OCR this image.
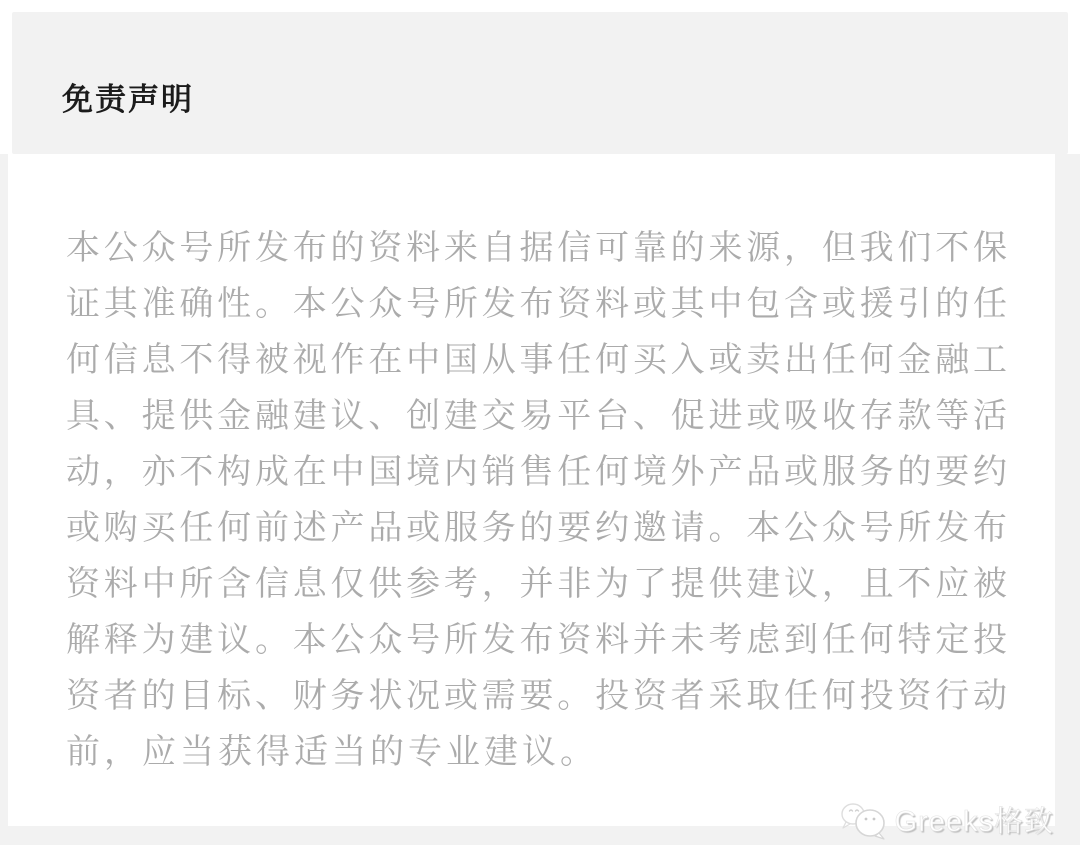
免责声明
本公众号所发布的资料来自据信可靠的来源，但我们不保
证其准确性。本公众号所发布资料或其中包含或援引的任
何信息不得被视作在中国从事任何买入或卖出任何金融工
具、提供金融建议、创建交易平台、促进或吸收存款等活
动，亦不构成在中国境内销售任何境外产品或服务的要约
或购买任何前述产品或服务的要约邀请。本公众号所发布
资料中所含信息仅供参考，并非为了提供建议，且不应被
解释为建议。本公众号所发布资料并未考虑到任何特定投
资者的目标、财务状况或需要。投资者采取任何投资行动
前，应当获得适当的专业建议。
Greeks格致
